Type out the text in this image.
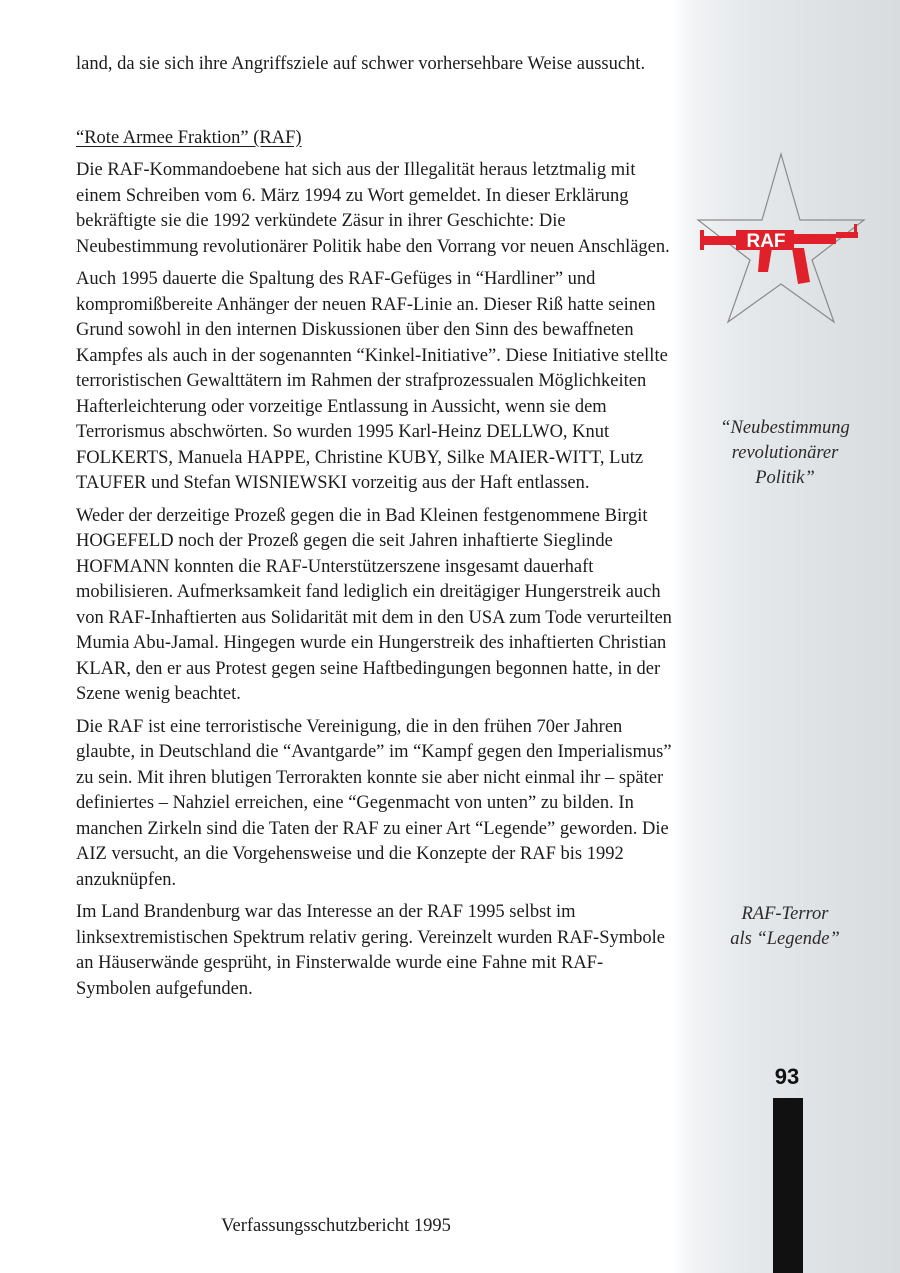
land, da sie sich ihre Angriffsziele auf schwer vorhersehbare Weise aussucht.

“Rote Armee Fraktion” (RAF)

Die RAF-Kommandoebene hat sich aus der Illegalität heraus letztmalig mit einem Schreiben vom 6. März 1994 zu Wort gemeldet. In dieser Erklärung bekräftigte sie die 1992 verkündete Zäsur in ihrer Geschichte: Die Neubestimmung revolutionärer Politik habe den Vorrang vor neuen Anschlägen.

Auch 1995 dauerte die Spaltung des RAF-Gefüges in “Hardliner” und kompromißbereite Anhänger der neuen RAF-Linie an. Dieser Riß hatte seinen Grund sowohl in den internen Diskussionen über den Sinn des bewaffneten Kampfes als auch in der sogenannten “Kinkel-Initiative”. Diese Initiative stellte terroristischen Gewalttätern im Rahmen der strafprozessualen Möglichkeiten Hafterleichterung oder vorzeitige Entlassung in Aussicht, wenn sie dem Terrorismus abschwörten. So wurden 1995 Karl-Heinz DELLWO, Knut FOLKERTS, Manuela HAPPE, Christine KUBY, Silke MAIER-WITT, Lutz TAUFER und Stefan WISNIEWSKI vorzeitig aus der Haft entlassen.

Weder der derzeitige Prozeß gegen die in Bad Kleinen festgenommene Birgit HOGEFELD noch der Prozeß gegen die seit Jahren inhaftierte Sieglinde HOFMANN konnten die RAF-Unterstützerszene insgesamt dauerhaft mobilisieren. Aufmerksamkeit fand lediglich ein dreitägiger Hungerstreik auch von RAF-Inhaftierten aus Solidarität mit dem in den USA zum Tode verurteilten Mumia Abu-Jamal. Hingegen wurde ein Hungerstreik des inhaftierten Christian KLAR, den er aus Protest gegen seine Haftbedingungen begonnen hatte, in der Szene wenig beachtet.

Die RAF ist eine terroristische Vereinigung, die in den frühen 70er Jahren glaubte, in Deutschland die “Avantgarde” im “Kampf gegen den Imperialismus” zu sein. Mit ihren blutigen Terrorakten konnte sie aber nicht einmal ihr – später definiertes – Nahziel erreichen, eine “Gegenmacht von unten” zu bilden. In manchen Zirkeln sind die Taten der RAF zu einer Art “Legende” geworden. Die AIZ versucht, an die Vorgehensweise und die Konzepte der RAF bis 1992 anzuknüpfen.

Im Land Brandenburg war das Interesse an der RAF 1995 selbst im linksextremistischen Spektrum relativ gering. Vereinzelt wurden RAF-Symbole an Häuserwände gesprüht, in Finsterwalde wurde eine Fahne mit RAF-Symbolen aufgefunden.

RAF
“Neubestimmung
revolutionärer
Politik”
RAF-Terror
als “Legende”
93
Verfassungsschutzbericht 1995
